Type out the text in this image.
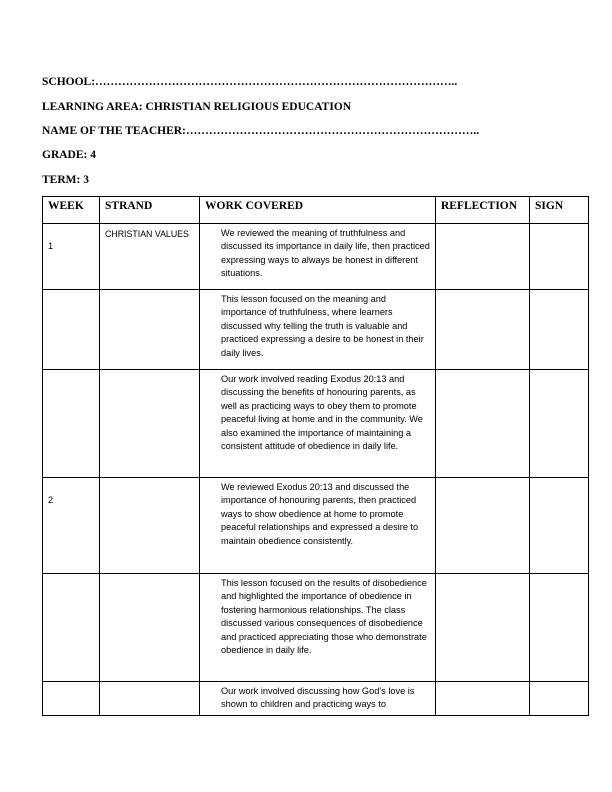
SCHOOL:…………………………………………………………………………………..
LEARNING AREA: CHRISTIAN RELIGIOUS EDUCATION
NAME OF THE TEACHER:…………………………………………………………………..
GRADE: 4
TERM: 3
WEEK	STRAND	WORK COVERED	REFLECTION	SIGN

1	CHRISTIAN VALUES	We reviewed the meaning of truthfulness and discussed its importance in daily life, then practiced expressing ways to always be honest in different situations.		

		This lesson focused on the meaning and importance of truthfulness, where learners discussed why telling the truth is valuable and practiced expressing a desire to be honest in their daily lives.		

		Our work involved reading Exodus 20:13 and discussing the benefits of honouring parents, as well as practicing ways to obey them to promote peaceful living at home and in the community. We also examined the importance of maintaining a consistent attitude of obedience in daily life.		

2		We reviewed Exodus 20:13 and discussed the importance of honouring parents, then practiced ways to show obedience at home to promote peaceful relationships and expressed a desire to maintain obedience consistently.		

		This lesson focused on the results of disobedience and highlighted the importance of obedience in fostering harmonious relationships. The class discussed various consequences of disobedience and practiced appreciating those who demonstrate obedience in daily life.		

		Our work involved discussing how God’s love is shown to children and practicing ways to		
